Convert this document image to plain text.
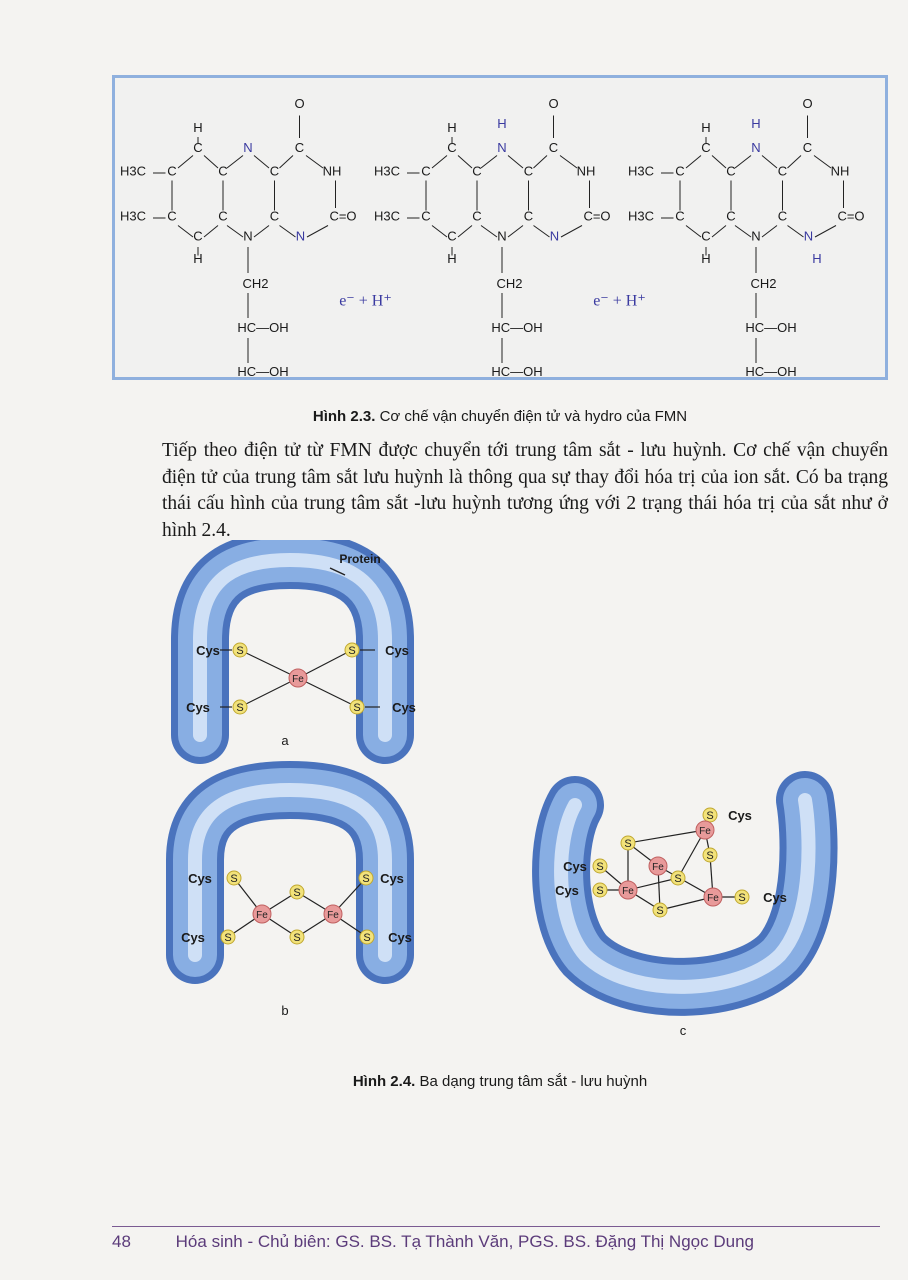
H
C	N	C
O
H3C C	C	C	NH
H3C C	C	C	C=O
C
H
N	N
CH2
HC—OH
HC—OH
e⁻ + H⁺
H
C	N
H
C
O
H3C C	C	C	NH
H3C C	C	C	C=O
C
H
N	N
CH2
HC—OH
HC—OH
e⁻ + H⁺
H
C	N
H
C
O
H3C C	C	C	NH
H3C C	C	C	C=O
C
H
N	N
H
CH2
HC—OH
HC—OH
Hình 2.3. Cơ chế vận chuyển điện tử và hydro của FMN
Tiếp theo điện tử từ FMN được chuyển tới trung tâm sắt - lưu huỳnh. Cơ chế vận chuyển điện tử của trung tâm sắt lưu huỳnh là thông qua sự thay đổi hóa trị của ion sắt. Có ba trạng thái cấu hình của trung tâm sắt -lưu huỳnh tương ứng với 2 trạng thái hóa trị của sắt như ở hình 2.4.
Cys
Cys
Cys
Cys
S
S
S
S
Fe
Protein
a
Cys
Cys
Cys
Cys
S
S
S
S
S
S
Fe	Fe
b
Cys
Cys
Cys	Cys
S
S
S
S
S
S
S
S
Fe
Fe
Fe
Fe
c
Hình 2.4. Ba dạng trung tâm sắt - lưu huỳnh
48	Hóa sinh - Chủ biên: GS. BS. Tạ Thành Văn, PGS. BS. Đặng Thị Ngọc Dung
